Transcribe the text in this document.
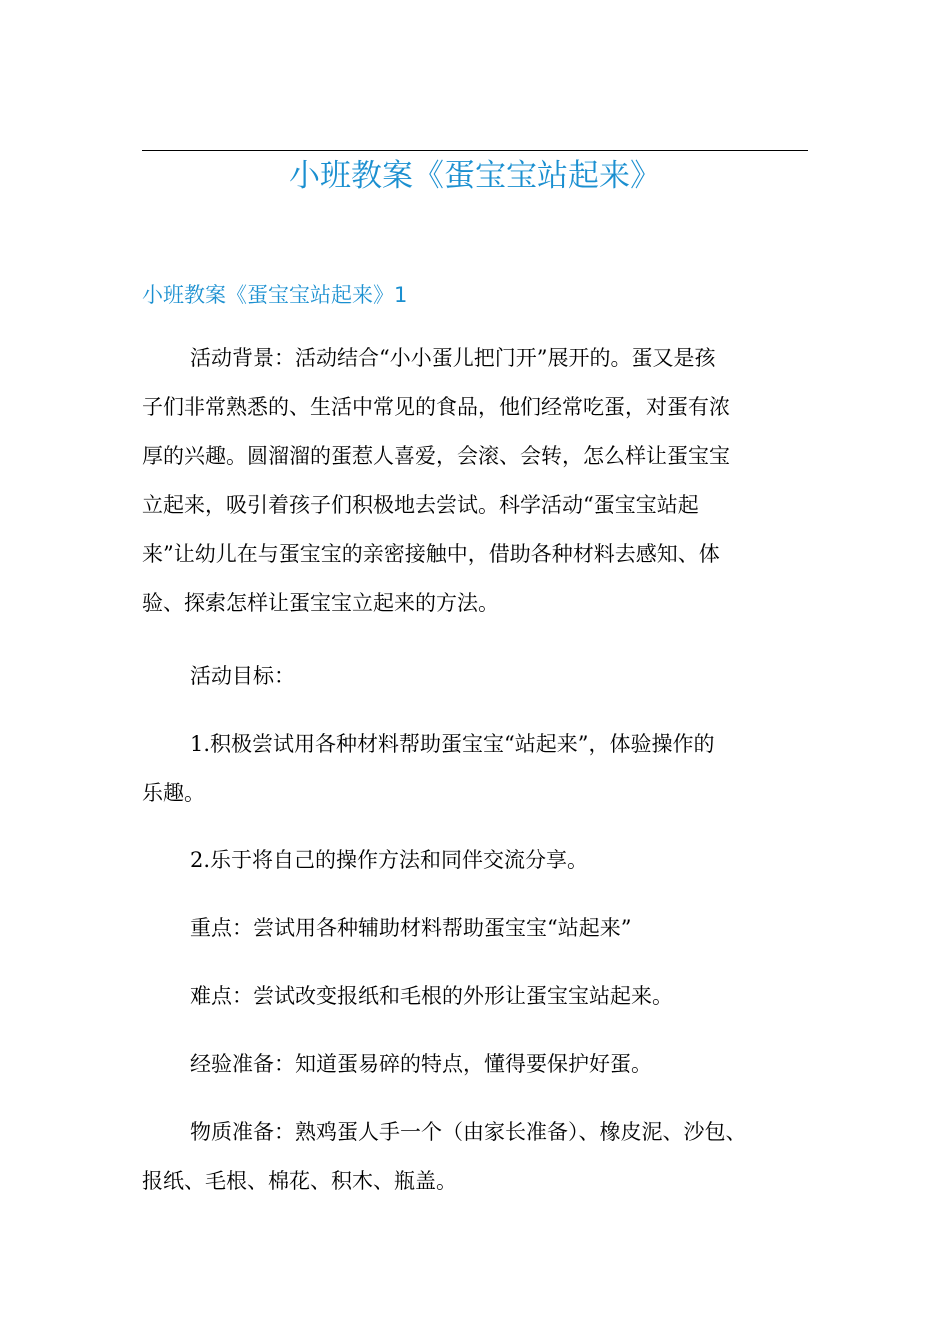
小班教案《蛋宝宝站起来》
小班教案《蛋宝宝站起来》1

活动背景：活动结合“小小蛋儿把门开”展开的。蛋又是孩
子们非常熟悉的、生活中常见的食品，他们经常吃蛋，对蛋有浓
厚的兴趣。圆溜溜的蛋惹人喜爱，会滚、会转，怎么样让蛋宝宝
立起来，吸引着孩子们积极地去尝试。科学活动“蛋宝宝站起
来”让幼儿在与蛋宝宝的亲密接触中，借助各种材料去感知、体
验、探索怎样让蛋宝宝立起来的方法。

活动目标：

1.积极尝试用各种材料帮助蛋宝宝“站起来”，体验操作的
乐趣。

2.乐于将自己的操作方法和同伴交流分享。

重点：尝试用各种辅助材料帮助蛋宝宝“站起来”

难点：尝试改变报纸和毛根的外形让蛋宝宝站起来。

经验准备：知道蛋易碎的特点，懂得要保护好蛋。

物质准备：熟鸡蛋人手一个（由家长准备）、橡皮泥、沙包、
报纸、毛根、棉花、积木、瓶盖。
